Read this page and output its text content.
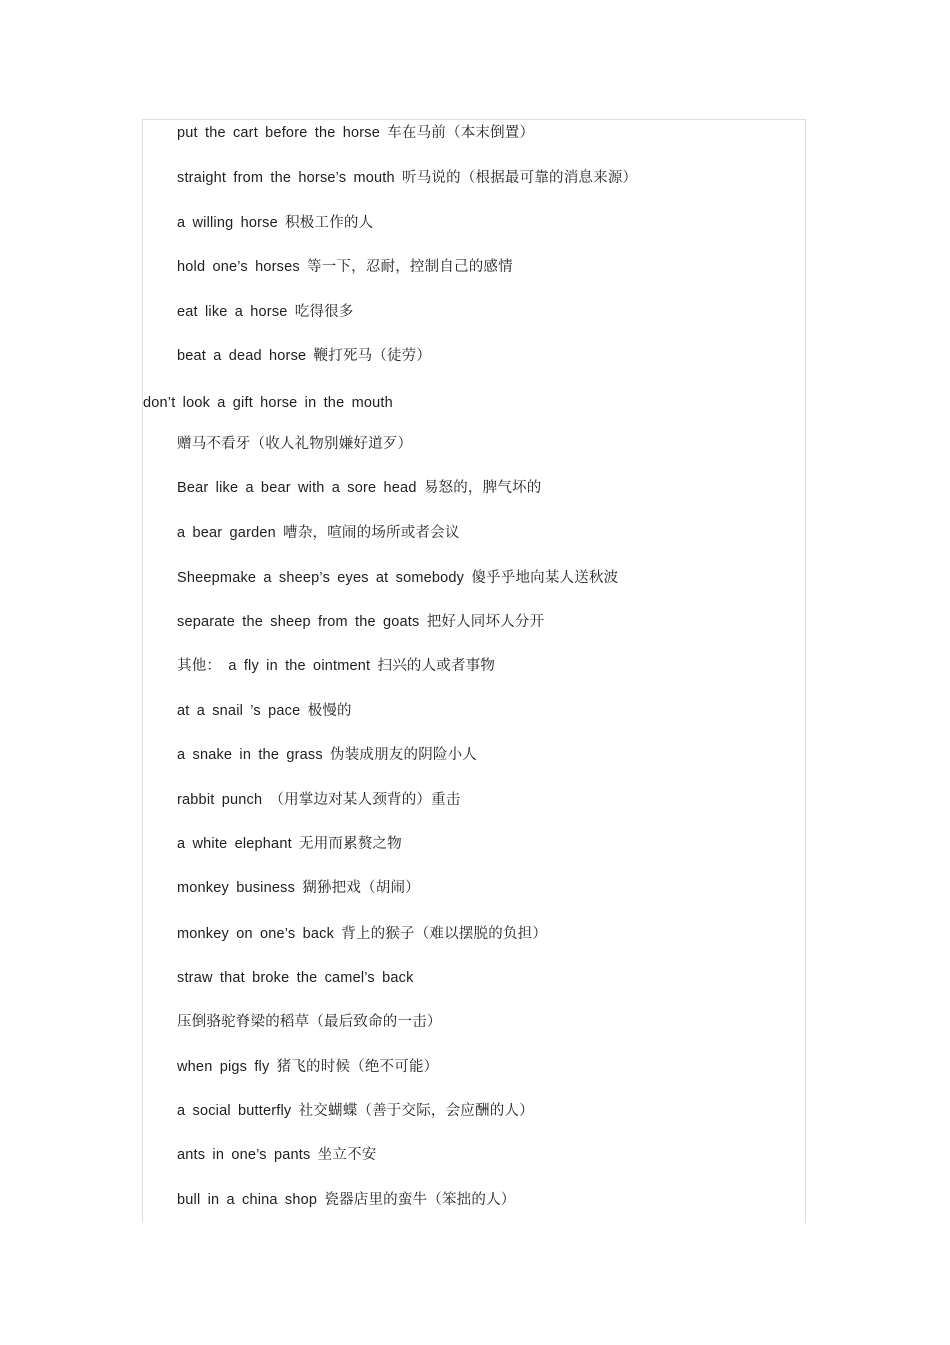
put the cart before the horse 车在马前（本末倒置）
straight from the horse’s mouth 听马说的（根据最可靠的消息来源）
a willing horse 积极工作的人
hold one’s horses 等一下，忍耐，控制自己的感情
eat like a horse 吃得很多
beat a dead horse 鞭打死马（徒劳）
don’t look a gift horse in the mouth
赠马不看牙（收人礼物别嫌好道歹）
Bear like a bear with a sore head 易怒的，脾气坏的
a bear garden 嘈杂，喧闹的场所或者会议
Sheepmake a sheep’s eyes at somebody 傻乎乎地向某人送秋波
separate the sheep from the goats 把好人同坏人分开
其他： a fly in the ointment 扫兴的人或者事物
at a snail ’s pace 极慢的
a snake in the grass 伪装成朋友的阴险小人
rabbit punch （用掌边对某人颈背的）重击
a white elephant 无用而累赘之物
monkey business 猢狲把戏（胡闹）
monkey on one’s back 背上的猴子（难以摆脱的负担）
straw that broke the camel’s back
压倒骆驼脊梁的稻草（最后致命的一击）
when pigs fly 猪飞的时候（绝不可能）
a social butterfly 社交蝴蝶（善于交际，会应酬的人）
ants in one’s pants 坐立不安
bull in a china shop 瓷器店里的蛮牛（笨拙的人）
